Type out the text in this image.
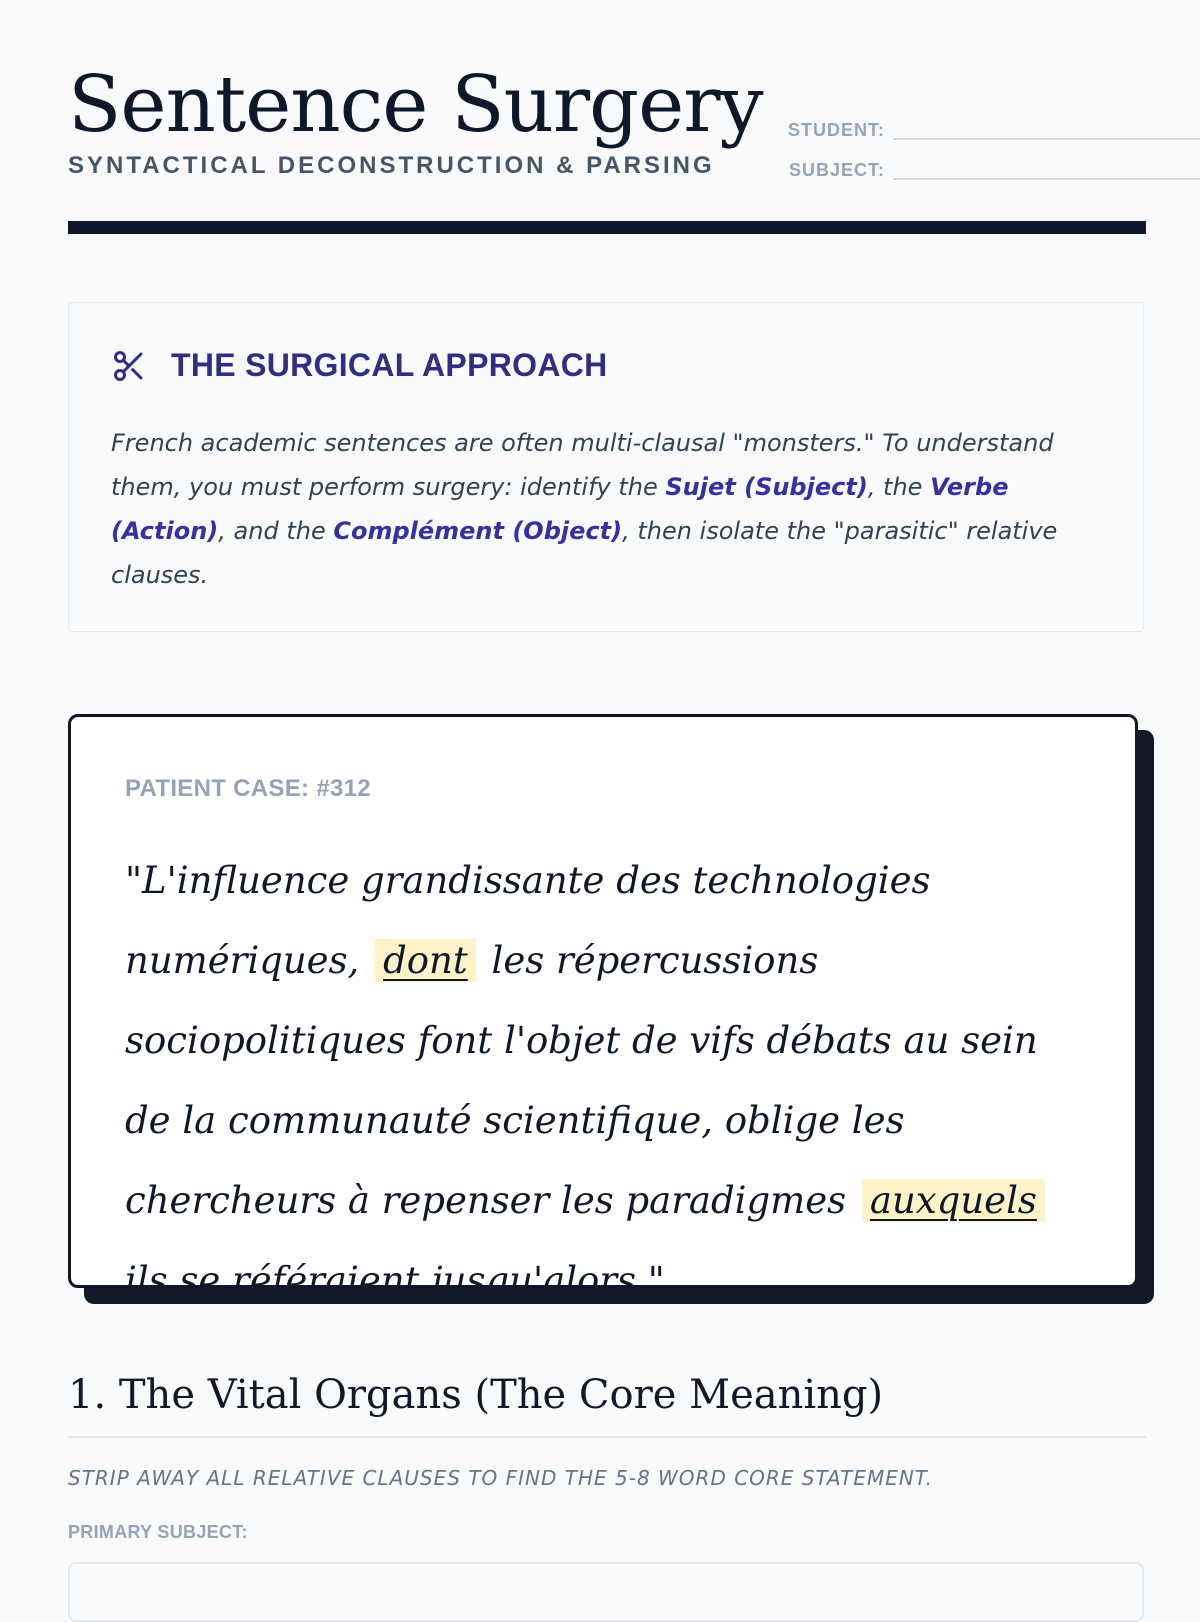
Sentence Surgery
SYNTACTICAL DECONSTRUCTION & PARSING
STUDENT:
SUBJECT:
THE SURGICAL APPROACH
French academic sentences are often multi-clausal "monsters." To understand them, you must perform surgery: identify the Sujet (Subject), the Verbe (Action), and the Complément (Object), then isolate the "parasitic" relative clauses.
PATIENT CASE: #312
"L'influence grandissante des technologies numériques, dont les répercussions sociopolitiques font l'objet de vifs débats au sein de la communauté scientifique, oblige les chercheurs à repenser les paradigmes auxquels ils se référaient jusqu'alors."
1. The Vital Organs (The Core Meaning)
STRIP AWAY ALL RELATIVE CLAUSES TO FIND THE 5-8 WORD CORE STATEMENT.
PRIMARY SUBJECT:
